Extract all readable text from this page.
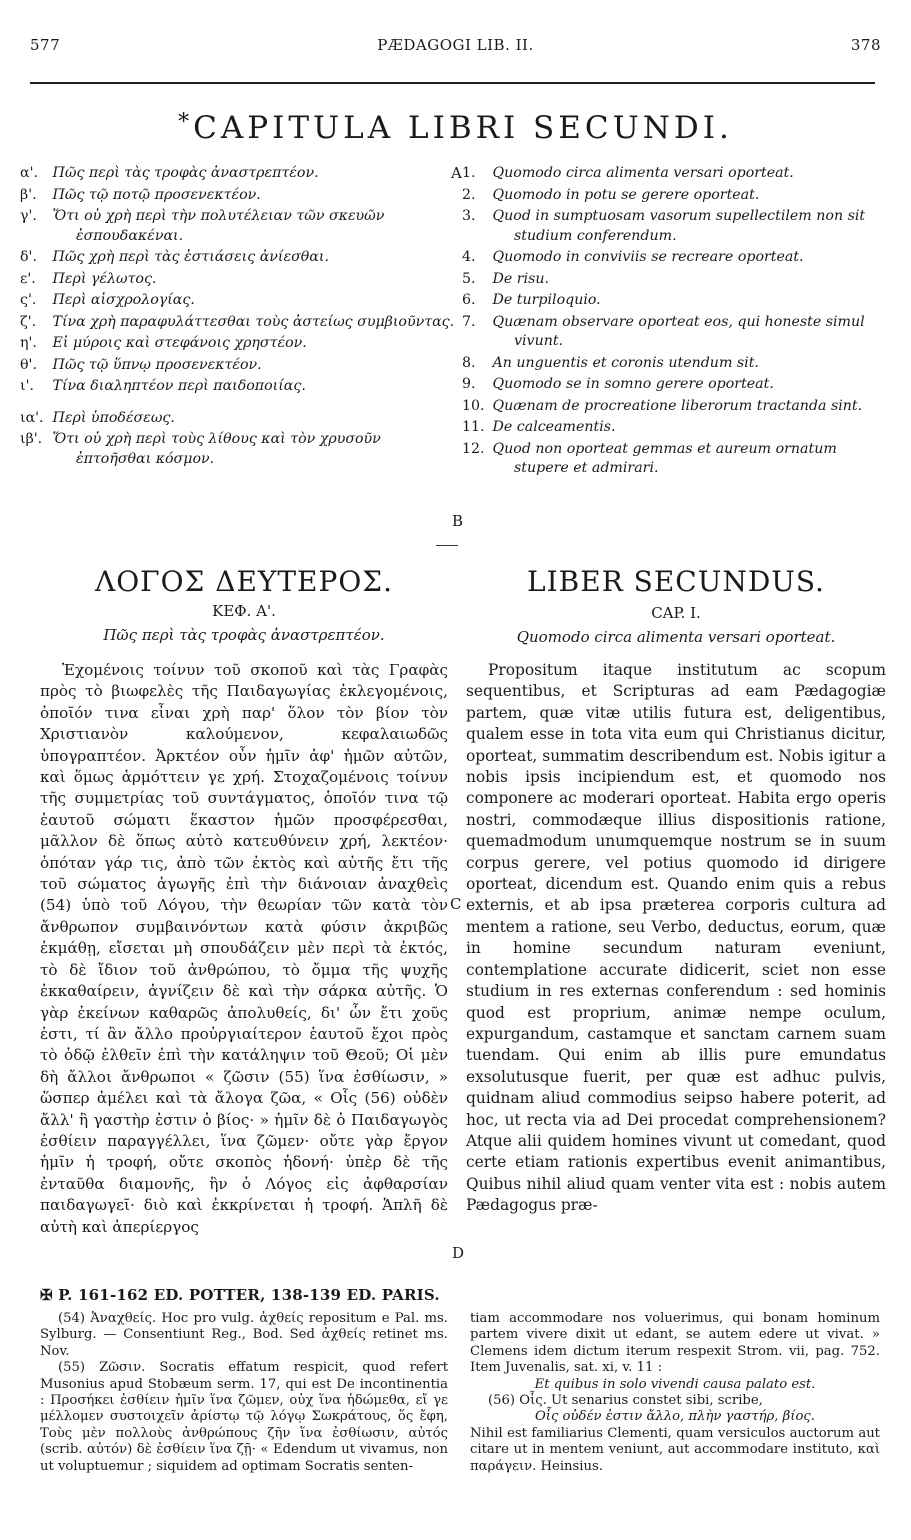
577	PÆDAGOGI LIB. II.	378
*CAPITULA LIBRI SECUNDI.
α'. Πῶς περὶ τὰς τροφὰς ἀναστρεπτέον.
β'. Πῶς τῷ ποτῷ προσενεκτέον.
γ'. Ὅτι οὐ χρὴ περὶ τὴν πολυτέλειαν τῶν σκευῶν ἐσπουδακέναι.
δ'. Πῶς χρὴ περὶ τὰς ἑστιάσεις ἀνίεσθαι.
ε'. Περὶ γέλωτος.
ς'. Περὶ αἰσχρολογίας.
ζ'. Τίνα χρὴ παραφυλάττεσθαι τοὺς ἀστείως συμβιοῦντας.
η'. Εἰ μύροις καὶ στεφάνοις χρηστέον.
θ'. Πῶς τῷ ὕπνῳ προσενεκτέον.
ι'. Τίνα διαληπτέον περὶ παιδοποιίας.
ια'. Περὶ ὑποδέσεως.
ιβ'. Ὅτι οὐ χρὴ περὶ τοὺς λίθους καὶ τὸν χρυσοῦν ἐπτοῆσθαι κόσμον.
1. Quomodo circa alimenta versari oporteat.
2. Quomodo in potu se gerere oporteat.
3. Quod in sumptuosam vasorum supellectilem non sit studium conferendum.
4. Quomodo in conviviis se recreare oporteat.
5. De risu.
6. De turpiloquio.
7. Quænam observare oporteat eos, qui honeste simul vivunt.
8. An unguentis et coronis utendum sit.
9. Quomodo se in somno gerere oporteat.
10. Quænam de procreatione liberorum tractanda sint.
11. De calceamentis.
12. Quod non oporteat gemmas et aureum ornatum stupere et admirari.
A
B
C
D
ΛΟΓΟΣ ΔΕΥΤΕΡΟΣ.
ΚΕΦ. Α'.
Πῶς περὶ τὰς τροφὰς ἀναστρεπτέον.
LIBER SECUNDUS.
CAP. I.
Quomodo circa alimenta versari oporteat.

Ἐχομένοις τοίνυν τοῦ σκοποῦ καὶ τὰς Γραφὰς πρὸς τὸ βιωφελὲς τῆς Παιδαγωγίας ἐκλεγομένοις, ὁποῖόν τινα εἶναι χρὴ παρ' ὅλον τὸν βίον τὸν Χριστιανὸν καλούμενον, κεφαλαιωδῶς ὑπογραπτέον. Ἀρκτέον οὖν ἡμῖν ἀφ' ἡμῶν αὐτῶν, καὶ ὅμως ἁρμόττειν γε χρή. Στοχαζομένοις τοίνυν τῆς συμμετρίας τοῦ συντάγματος, ὁποῖόν τινα τῷ ἑαυτοῦ σώματι ἕκαστον ἡμῶν προσφέρεσθαι, μᾶλλον δὲ ὅπως αὐτὸ κατευθύνειν χρή, λεκτέον· ὁπόταν γάρ τις, ἀπὸ τῶν ἐκτὸς καὶ αὐτῆς ἔτι τῆς τοῦ σώματος ἀγωγῆς ἐπὶ τὴν διάνοιαν ἀναχθεὶς (54) ὑπὸ τοῦ Λόγου, τὴν θεωρίαν τῶν κατὰ τὸν ἄνθρωπον συμβαινόντων κατὰ φύσιν ἀκριβῶς ἐκμάθῃ, εἴσεται μὴ σπουδάζειν μὲν περὶ τὰ ἐκτός, τὸ δὲ ἴδιον τοῦ ἀνθρώπου, τὸ ὄμμα τῆς ψυχῆς ἐκκαθαίρειν, ἁγνίζειν δὲ καὶ τὴν σάρκα αὐτῆς. Ὁ γὰρ ἐκείνων καθαρῶς ἀπολυθείς, δι' ὧν ἔτι χοῦς ἐστι, τί ἂν ἄλλο προὐργιαίτερον ἑαυτοῦ ἔχοι πρὸς τὸ ὁδῷ ἐλθεῖν ἐπὶ τὴν κατάληψιν τοῦ Θεοῦ; Οἱ μὲν δὴ ἄλλοι ἄνθρωποι « ζῶσιν (55) ἵνα ἐσθίωσιν, » ὥσπερ ἀμέλει καὶ τὰ ἄλογα ζῶα, « Οἷς (56) οὐδὲν ἄλλ' ἢ γαστὴρ ἐστιν ὁ βίος· » ἡμῖν δὲ ὁ Παιδαγωγὸς ἐσθίειν παραγγέλλει, ἵνα ζῶμεν· οὔτε γὰρ ἔργον ἡμῖν ἡ τροφή, οὔτε σκοπὸς ἡδονή· ὑπὲρ δὲ τῆς ἐνταῦθα διαμονῆς, ἣν ὁ Λόγος εἰς ἀφθαρσίαν παιδαγωγεῖ· διὸ καὶ ἐκκρίνεται ἡ τροφή. Ἁπλῆ δὲ αὐτὴ καὶ ἀπερίεργος

Propositum itaque institutum ac scopum sequentibus, et Scripturas ad eam Pædagogiæ partem, quæ vitæ utilis futura est, deligentibus, qualem esse in tota vita eum qui Christianus dicitur, oporteat, summatim describendum est. Nobis igitur a nobis ipsis incipiendum est, et quomodo nos componere ac moderari oporteat. Habita ergo operis nostri, commodæque illius dispositionis ratione, quemadmodum unumquemque nostrum se in suum corpus gerere, vel potius quomodo id dirigere oporteat, dicendum est. Quando enim quis a rebus externis, et ab ipsa præterea corporis cultura ad mentem a ratione, seu Verbo, deductus, eorum, quæ in homine secundum naturam eveniunt, contemplatione accurate didicerit, sciet non esse studium in res externas conferendum : sed hominis quod est proprium, animæ nempe oculum, expurgandum, castamque et sanctam carnem suam tuendam. Qui enim ab illis pure emundatus exsolutusque fuerit, per quæ est adhuc pulvis, quidnam aliud commodius seipso habere poterit, ad hoc, ut recta via ad Dei procedat comprehensionem? Atque alii quidem homines vivunt ut comedant, quod certe etiam rationis expertibus evenit animantibus, Quibus nihil aliud quam venter vita est : nobis autem Pædagogus præ-

✠ P. 161-162 ED. POTTER, 138-139 ED. PARIS.

(54) Ἀναχθείς. Hoc pro vulg. ἀχθείς repositum e Pal. ms. Sylburg. — Consentiunt Reg., Bod. Sed ἀχθείς retinet ms. Nov.

(55) Ζῶσιν. Socratis effatum respicit, quod refert Musonius apud Stobæum serm. 17, qui est De incontinentia : Προσήκει ἐσθίειν ἡμῖν ἵνα ζῶμεν, οὐχ ἵνα ἡδώμεθα, εἴ γε μέλλομεν συστοιχεῖν ἀρίστῳ τῷ λόγῳ Σωκράτους, ὅς ἔφη, Τοὺς μὲν πολλοὺς ἀνθρώπους ζῆν ἵνα ἐσθίωσιν, αὐτός (scrib. αὐτόν) δὲ ἐσθίειν ἵνα ζῇ· « Edendum ut vivamus, non ut voluptuemur ; siquidem ad optimam Socratis senten-

tiam accommodare nos voluerimus, qui bonam hominum partem vivere dixit ut edant, se autem edere ut vivat. » Clemens idem dictum iterum respexit Strom. vii, pag. 752. Item Juvenalis, sat. xi, v. 11 :

Et quibus in solo vivendi causa palato est.

(56) Οἷς. Ut senarius constet sibi, scribe,

Οἷς οὐδέν ἐστιν ἄλλο, πλὴν γαστήρ, βίος.

Nihil est familiarius Clementi, quam versiculos auctorum aut citare ut in mentem veniunt, aut accommodare instituto, καὶ παράγειν. Heinsius.
